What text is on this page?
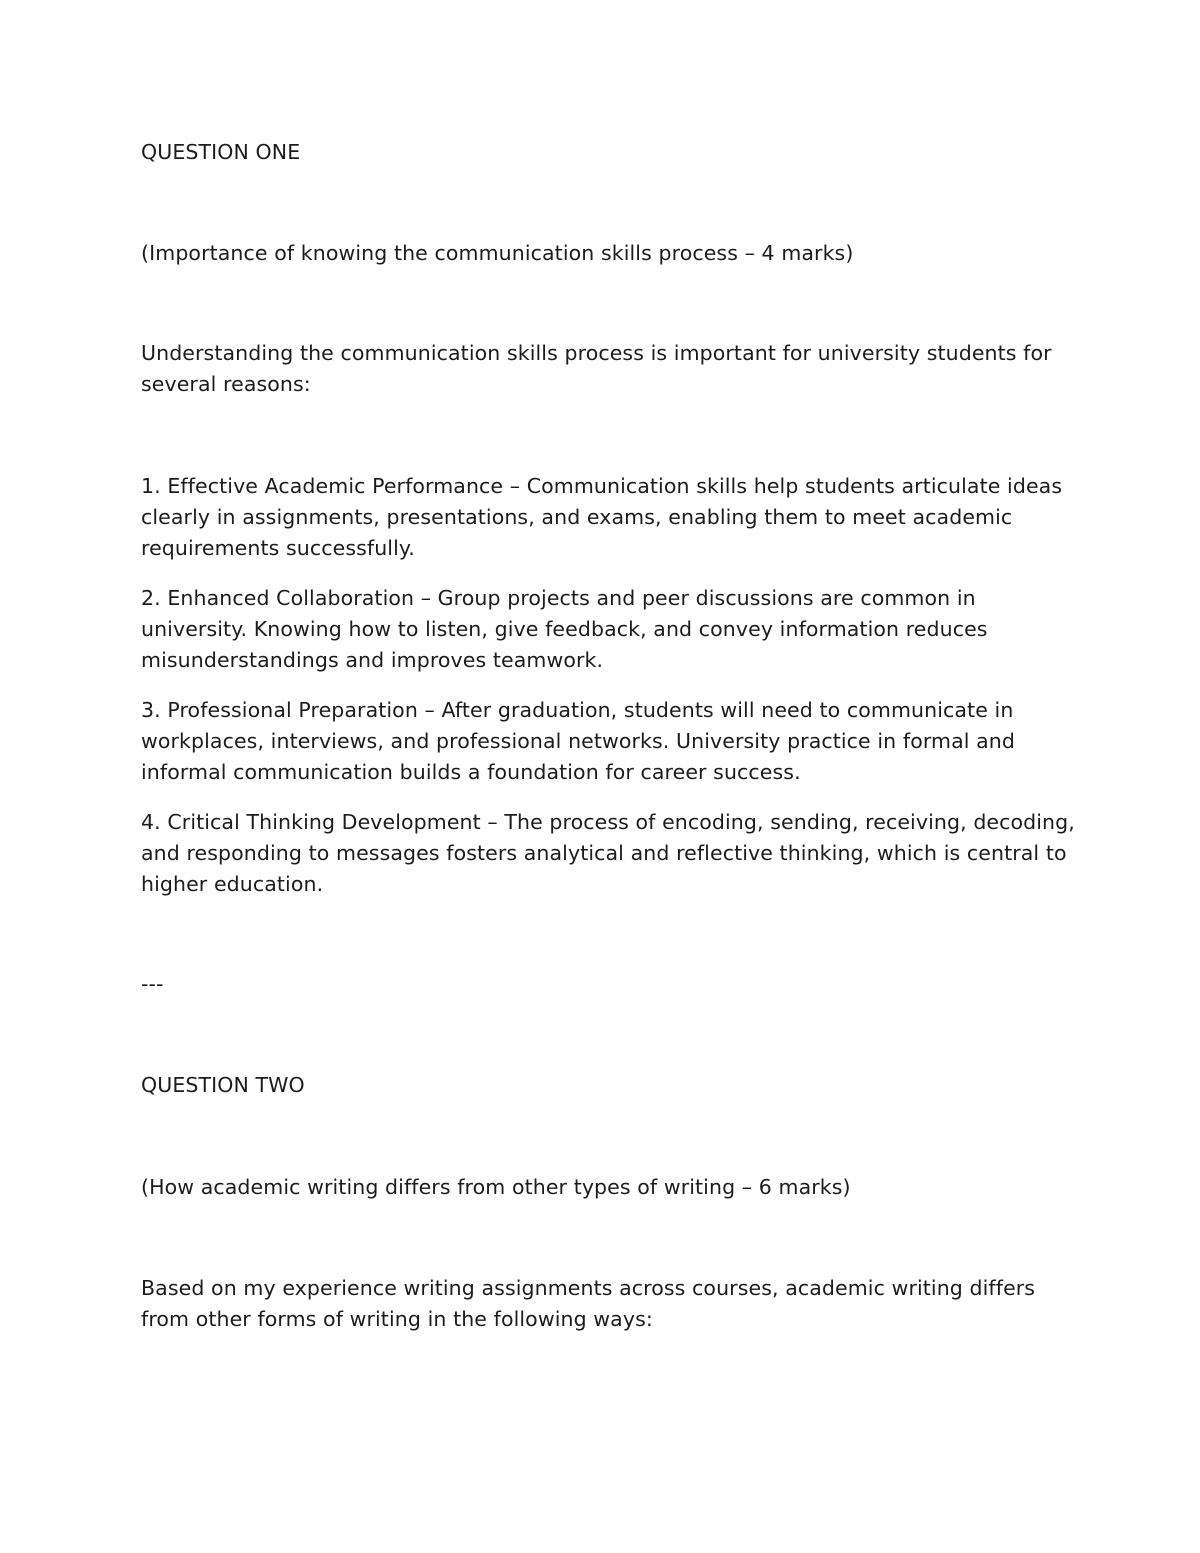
QUESTION ONE

(Importance of knowing the communication skills process – 4 marks)

Understanding the communication skills process is important for university students for several reasons:

1. Effective Academic Performance – Communication skills help students articulate ideas clearly in assignments, presentations, and exams, enabling them to meet academic requirements successfully.

2. Enhanced Collaboration – Group projects and peer discussions are common in university. Knowing how to listen, give feedback, and convey information reduces misunderstandings and improves teamwork.

3. Professional Preparation – After graduation, students will need to communicate in workplaces, interviews, and professional networks. University practice in formal and informal communication builds a foundation for career success.

4. Critical Thinking Development – The process of encoding, sending, receiving, decoding, and responding to messages fosters analytical and reflective thinking, which is central to higher education.

---

QUESTION TWO

(How academic writing differs from other types of writing – 6 marks)

Based on my experience writing assignments across courses, academic writing differs from other forms of writing in the following ways:
